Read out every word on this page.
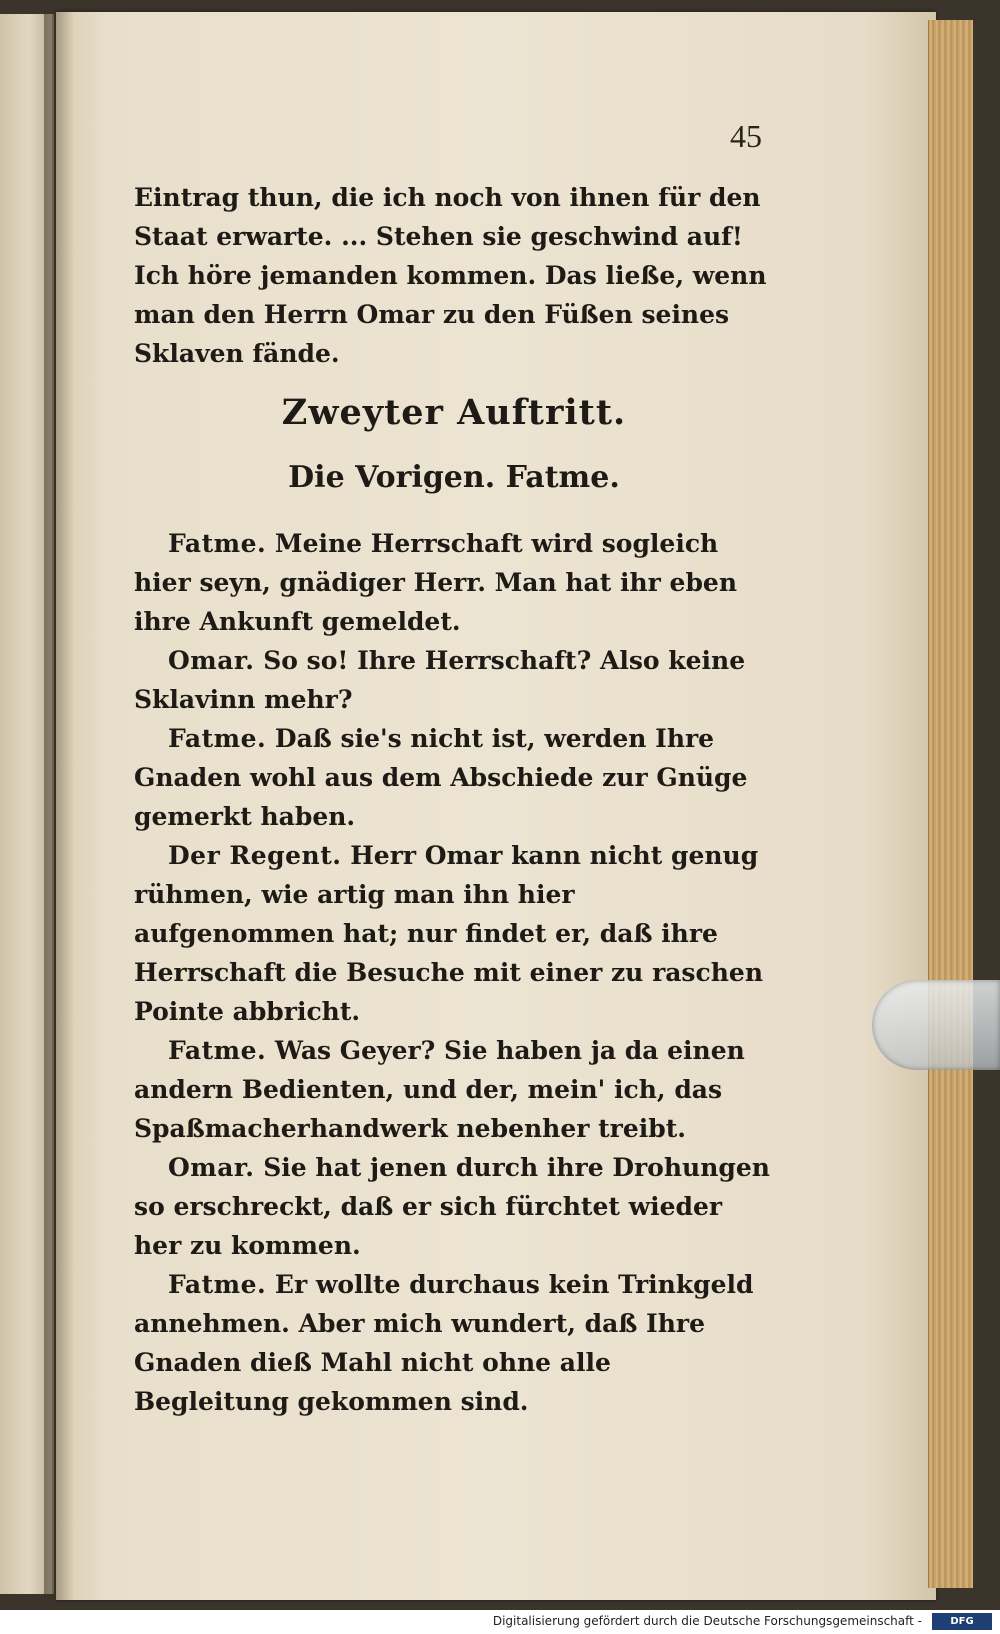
45

Eintrag thun, die ich noch von ihnen für den Staat erwarte. ... Stehen sie geschwind auf! Ich höre jemanden kommen. Das ließe, wenn man den Herrn Omar zu den Füßen seines Sklaven fände.

Zweyter Auftritt.
Die Vorigen. Fatme.

Fatme. Meine Herrschaft wird sogleich hier seyn, gnädiger Herr. Man hat ihr eben ihre Ankunft gemeldet.

Omar. So so! Ihre Herrschaft? Also keine Sklavinn mehr?

Fatme. Daß sie's nicht ist, werden Ihre Gnaden wohl aus dem Abschiede zur Gnüge gemerkt haben.

Der Regent. Herr Omar kann nicht genug rühmen, wie artig man ihn hier aufgenommen hat; nur findet er, daß ihre Herrschaft die Besuche mit einer zu raschen Pointe abbricht.

Fatme. Was Geyer? Sie haben ja da einen andern Bedienten, und der, mein' ich, das Spaßmacherhandwerk nebenher treibt.

Omar. Sie hat jenen durch ihre Drohungen so erschreckt, daß er sich fürchtet wieder her zu kommen.

Fatme. Er wollte durchaus kein Trinkgeld annehmen. Aber mich wundert, daß Ihre Gnaden dieß Mahl nicht ohne alle Begleitung gekommen sind.

Digitalisierung gefördert durch die Deutsche Forschungsgemeinschaft -	DFG
